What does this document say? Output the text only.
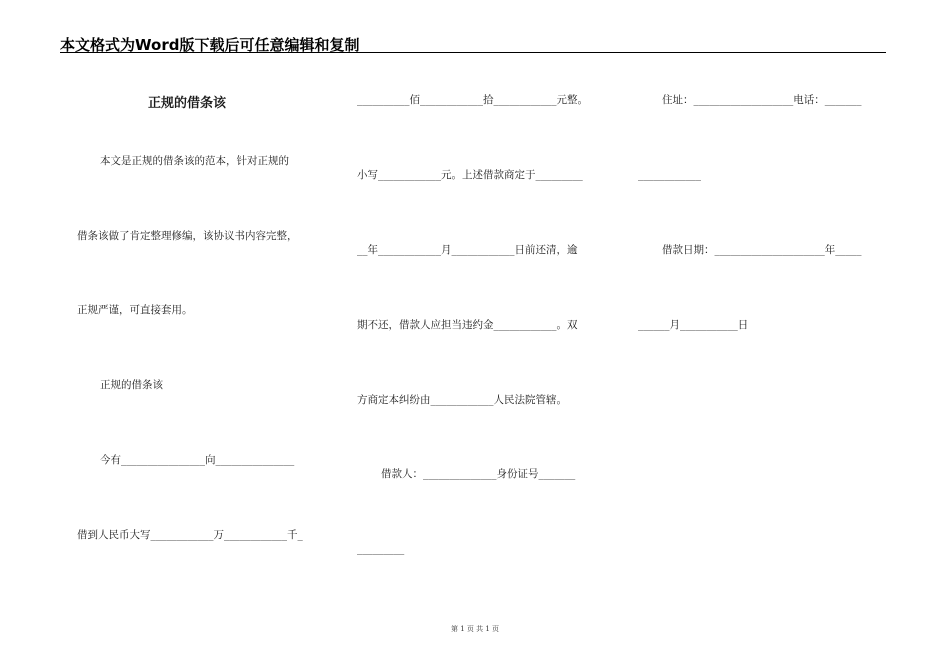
本文格式为Word版下载后可任意编辑和复制
正规的借条该
本文是正规的借条该的范本，针对正规的
借条该做了肯定整理修编，该协议书内容完整，
正规严谨，可直接套用。
正规的借条该
今有________________向_______________
借到人民币大写____________万____________千_
__________佰____________拾____________元整。
小写____________元。上述借款商定于_________
__年____________月____________日前还清，逾
期不还，借款人应担当违约金____________。双
方商定本纠纷由____________人民法院管辖。
借款人：______________身份证号_______
_________
住址：___________________电话：_______
____________
借款日期：_____________________年_____
______月___________日
第 1 页 共 1 页
